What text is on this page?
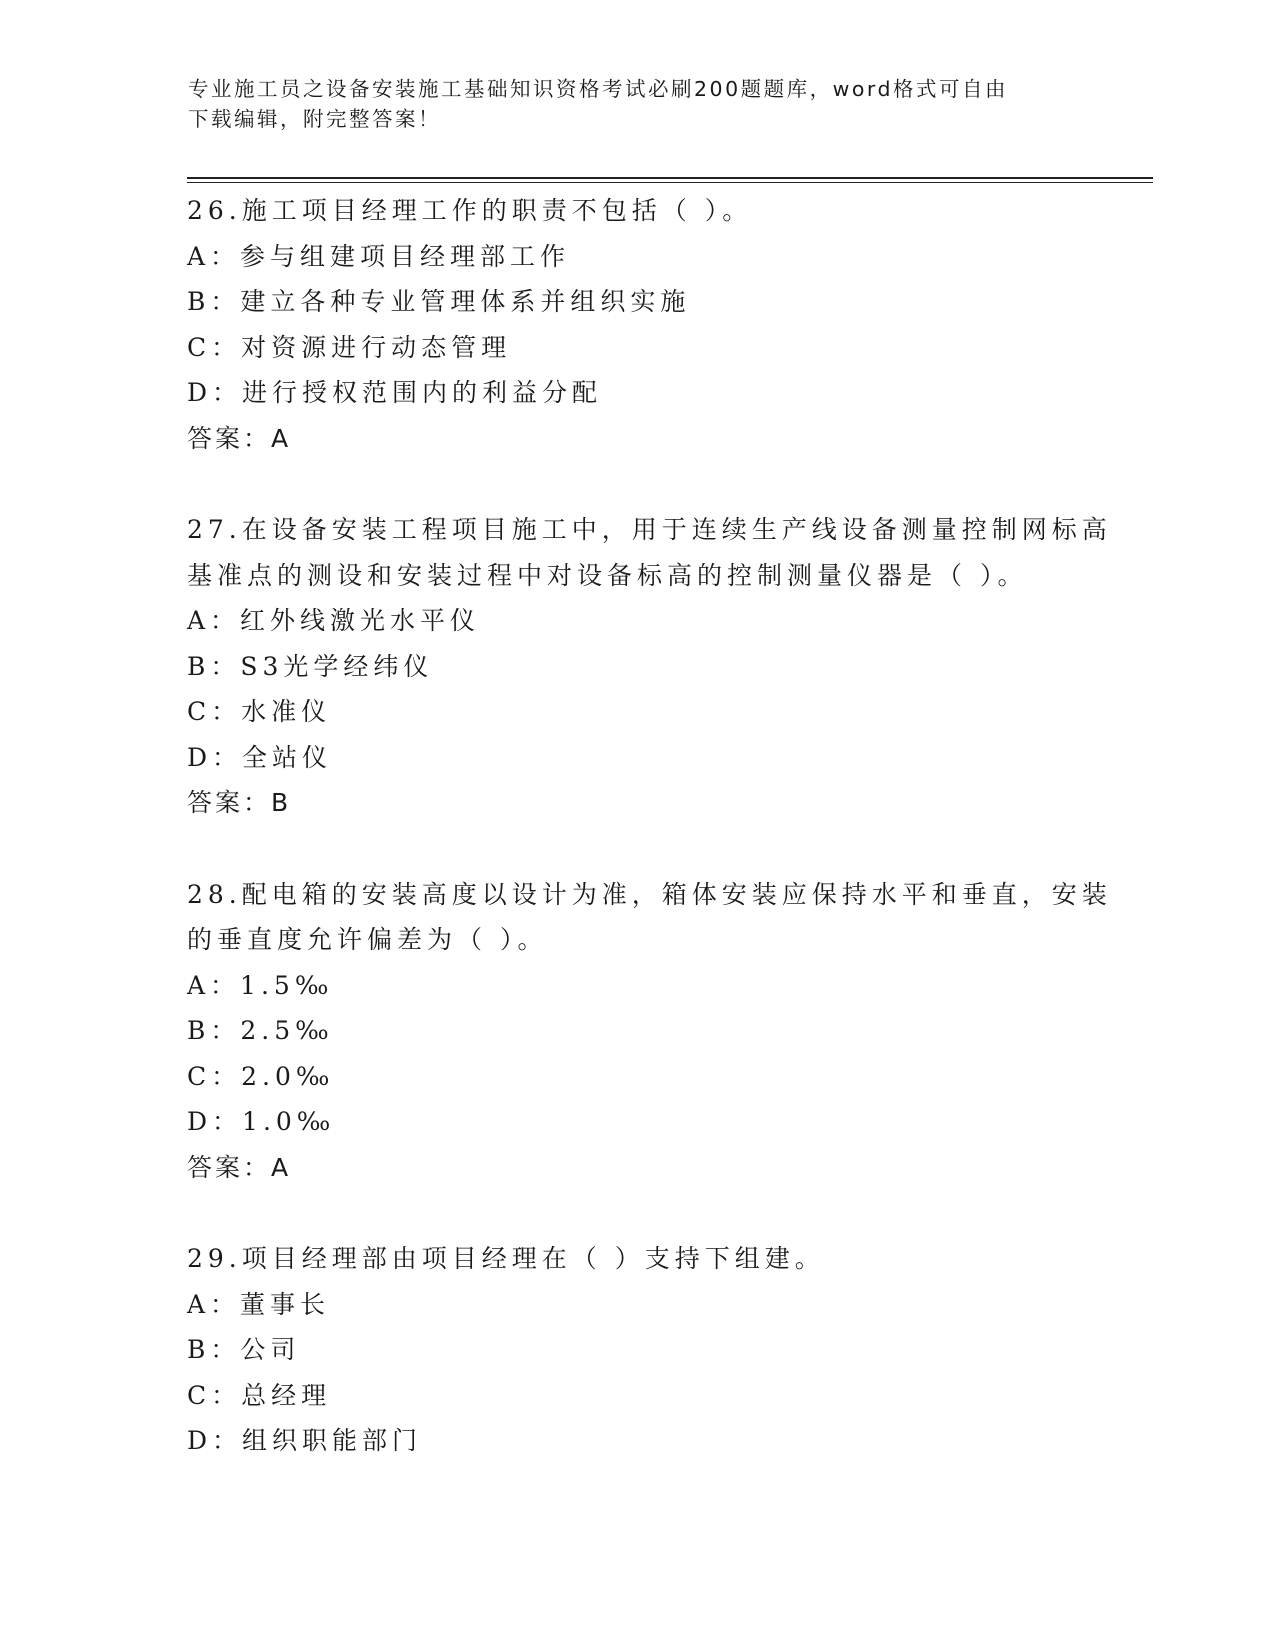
专业施工员之设备安装施工基础知识资格考试必刷200题题库，word格式可自由
下载编辑，附完整答案！
26.施工项目经理工作的职责不包括（ ）。
A：参与组建项目经理部工作
B：建立各种专业管理体系并组织实施
C：对资源进行动态管理
D：进行授权范围内的利益分配
答案：A
27.在设备安装工程项目施工中，用于连续生产线设备测量控制网标高
基准点的测设和安装过程中对设备标高的控制测量仪器是（ ）。
A：红外线激光水平仪
B：S3光学经纬仪
C：水准仪
D：全站仪
答案：B
28.配电箱的安装高度以设计为准，箱体安装应保持水平和垂直，安装
的垂直度允许偏差为（ ）。
A：1.5‰
B：2.5‰
C：2.0‰
D：1.0‰
答案：A
29.项目经理部由项目经理在（ ）支持下组建。
A：董事长
B：公司
C：总经理
D：组织职能部门
